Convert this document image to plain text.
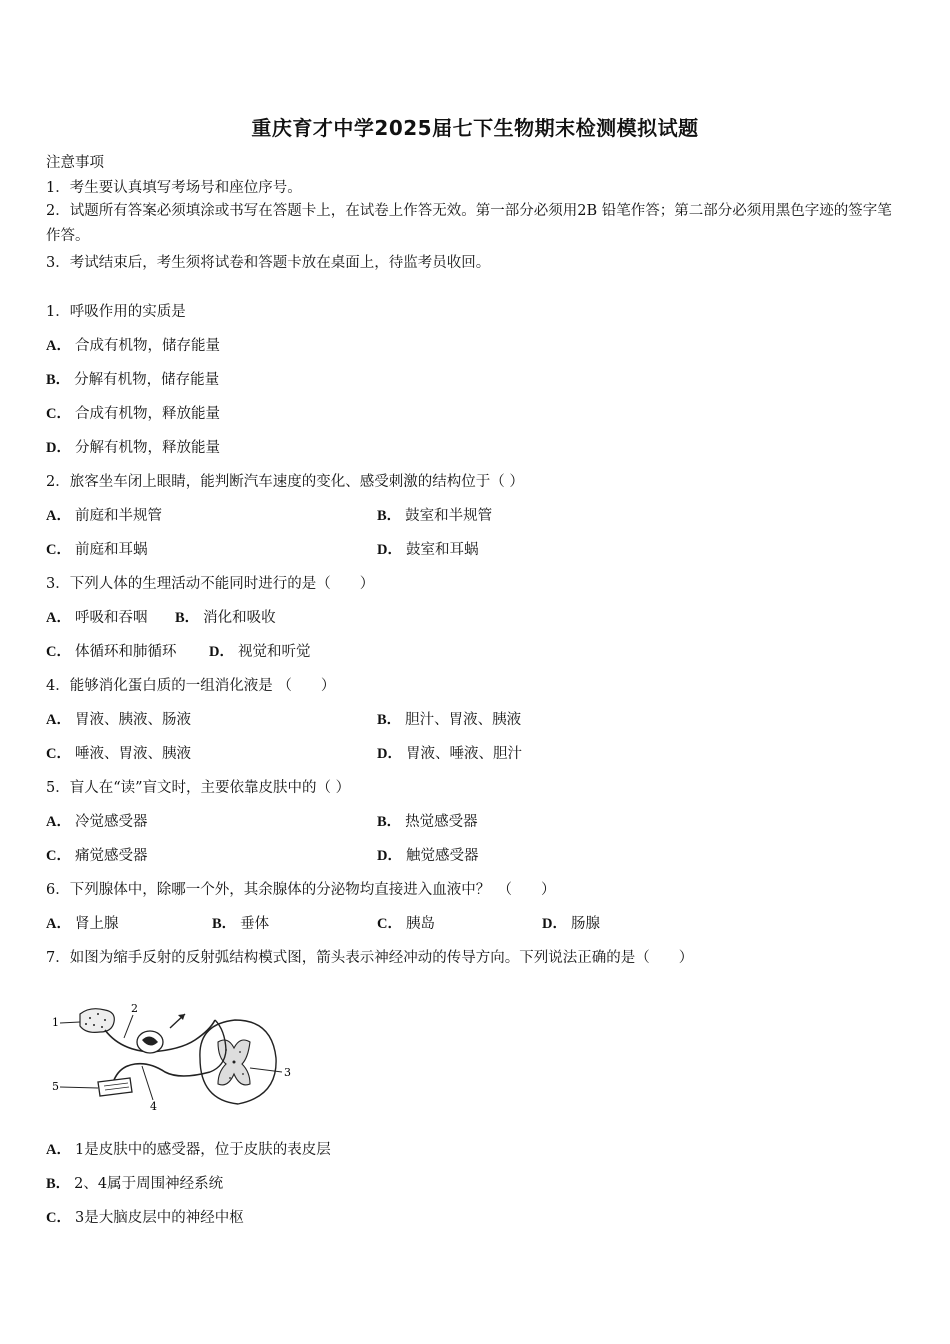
重庆育才中学2025届七下生物期末检测模拟试题
注意事项
1．考生要认真填写考场号和座位序号。
2．试题所有答案必须填涂或书写在答题卡上，在试卷上作答无效。第一部分必须用2B 铅笔作答；第二部分必须用黑色字迹的签字笔作答。
3．考试结束后，考生须将试卷和答题卡放在桌面上，待监考员收回。
1．呼吸作用的实质是
A． 合成有机物，储存能量
B． 分解有机物，储存能量
C． 合成有机物，释放能量
D． 分解有机物，释放能量
2．旅客坐车闭上眼睛，能判断汽车速度的变化、感受刺激的结构位于（ ）
A． 前庭和半规管	B． 鼓室和半规管
C． 前庭和耳蜗	D． 鼓室和耳蜗
3．下列人体的生理活动不能同时进行的是（　　）
A． 呼吸和吞咽 B． 消化和吸收
C． 体循环和肺循环 D． 视觉和听觉
4．能够消化蛋白质的一组消化液是 （　　）
A． 胃液、胰液、肠液	B． 胆汁、胃液、胰液
C． 唾液、胃液、胰液	D． 胃液、唾液、胆汁
5．盲人在“读”盲文时，主要依靠皮肤中的（ ）
A． 冷觉感受器	B． 热觉感受器
C． 痛觉感受器	D． 触觉感受器
6．下列腺体中，除哪一个外，其余腺体的分泌物均直接进入血液中？　（　　）
A． 肾上腺	B． 垂体	C． 胰岛	D． 肠腺
7．如图为缩手反射的反射弧结构模式图，箭头表示神经冲动的传导方向。下列说法正确的是（　　）
1
2
3
4
5
A． 1是皮肤中的感受器，位于皮肤的表皮层
B． 2、4属于周围神经系统
C． 3是大脑皮层中的神经中枢
